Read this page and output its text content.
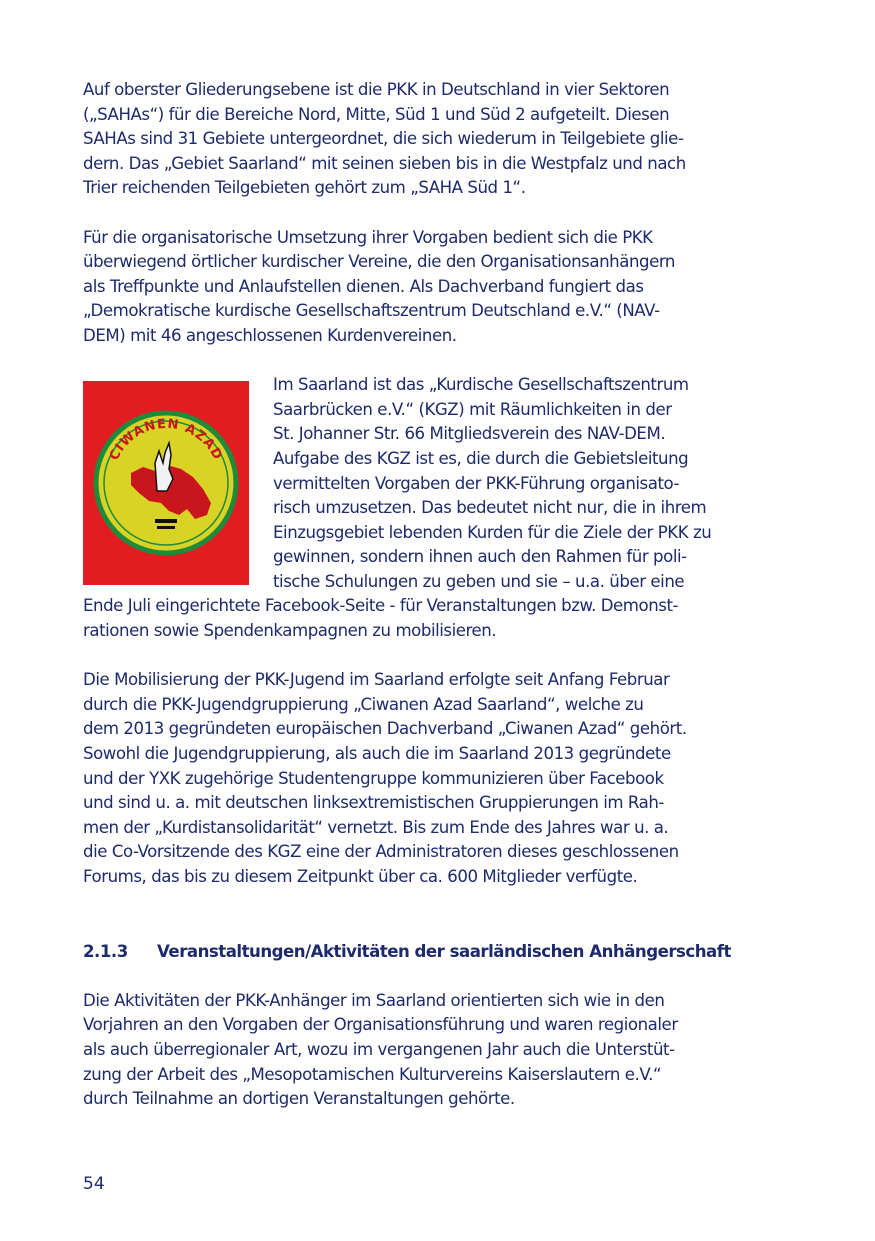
Auf oberster Gliederungsebene ist die PKK in Deutschland in vier Sektoren
(„SAHAs“) für die Bereiche Nord, Mitte, Süd 1 und Süd 2 aufgeteilt. Diesen
SAHAs sind 31 Gebiete untergeordnet, die sich wiederum in Teilgebiete glie-
dern. Das „Gebiet Saarland“ mit seinen sieben bis in die Westpfalz und nach
Trier reichenden Teilgebieten gehört zum „SAHA Süd 1“.
Für die organisatorische Umsetzung ihrer Vorgaben bedient sich die PKK
überwiegend örtlicher kurdischer Vereine, die den Organisationsanhängern
als Treffpunkte und Anlaufstellen dienen. Als Dachverband fungiert das
„Demokratische kurdische Gesellschaftszentrum Deutschland e.V.“ (NAV-
DEM) mit 46 angeschlossenen Kurdenvereinen.
CIWANEN AZAD
Im Saarland ist das „Kurdische Gesellschaftszentrum
Saarbrücken e.V.“ (KGZ) mit Räumlichkeiten in der
St. Johanner Str. 66 Mitgliedsverein des NAV-DEM.
Aufgabe des KGZ ist es, die durch die Gebietsleitung
vermittelten Vorgaben der PKK-Führung organisato-
risch umzusetzen. Das bedeutet nicht nur, die in ihrem
Einzugsgebiet lebenden Kurden für die Ziele der PKK zu
gewinnen, sondern ihnen auch den Rahmen für poli-
tische Schulungen zu geben und sie – u.a. über eine
Ende Juli eingerichtete Facebook-Seite - für Veranstaltungen bzw. Demonst-
rationen sowie Spendenkampagnen zu mobilisieren.
Die Mobilisierung der PKK-Jugend im Saarland erfolgte seit Anfang Februar
durch die PKK-Jugendgruppierung „Ciwanen Azad Saarland“, welche zu
dem 2013 gegründeten europäischen Dachverband „Ciwanen Azad“ gehört.
Sowohl die Jugendgruppierung, als auch die im Saarland 2013 gegründete
und der YXK zugehörige Studentengruppe kommunizieren über Facebook
und sind u. a. mit deutschen linksextremistischen Gruppierungen im Rah-
men der „Kurdistansolidarität“ vernetzt. Bis zum Ende des Jahres war u. a.
die Co-Vorsitzende des KGZ eine der Administratoren dieses geschlossenen
Forums, das bis zu diesem Zeitpunkt über ca. 600 Mitglieder verfügte.
2.1.3 Veranstaltungen/Aktivitäten der saarländischen Anhängerschaft
Die Aktivitäten der PKK-Anhänger im Saarland orientierten sich wie in den
Vorjahren an den Vorgaben der Organisationsführung und waren regionaler
als auch überregionaler Art, wozu im vergangenen Jahr auch die Unterstüt-
zung der Arbeit des „Mesopotamischen Kulturvereins Kaiserslautern e.V.“
durch Teilnahme an dortigen Veranstaltungen gehörte.
54
